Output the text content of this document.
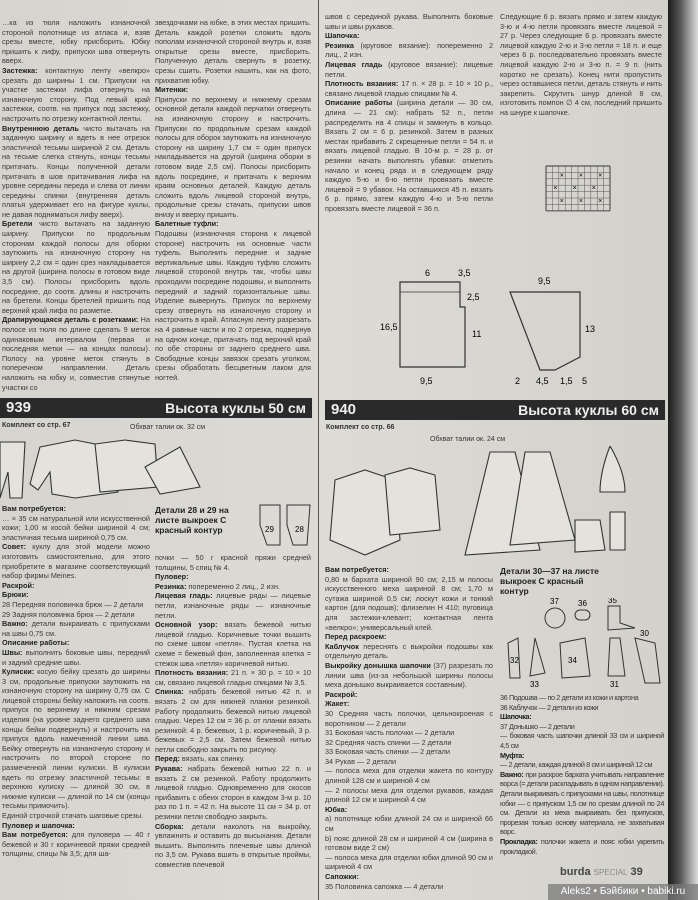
…ка из тюля наложить изнаночной стороной полотнище из атласа и, взяв срезы вместе, юбку присборить. Юбку пришить к лифу, припуски шва отвернуть вверх.

Застежка: контактную ленту «велкро» срезать до ширины 1 см. Припуски на участке застежки лифа отвернуть на изнаночную сторону. Под левый край застежки, соотв. на припуск под застежку, настрочить по отрезку контактной ленты.

Внутреннюю деталь чисто вытачать на заданную ширину и вдеть в нее отрезок эластичной тесьмы шириной 2 см. Деталь на тесьме слегка стянуть, концы тесьмы притачать. Концы полученной детали притачать в шов притачивания лифа на уровне середины переда и слева от линии середины спинки (внутренняя деталь платья удерживает его на фигуре куклы, не давая подниматься лифу вверх).

Бретели чисто вытачать на заданную ширину. Припуски по продольным сторонам каждой полосы для оборки заутюжить на изнаночную сторону на ширину 2,2 см = один срез накладывается на другой (ширина полосы в готовом виде 3,5 см). Полосы присборить вдоль посредине, до соотв. длины и настрочить на бретели. Концы бретелей пришить под верхний край лифа по разметке.

Драпирующаяся деталь с розетками: На полосе из тюля по длине сделать 9 меток одинаковым интервалом (первая и последняя метки — на концах полосы). Полосу на уровне меток стянуть в поперечном направлении. Деталь наложить на юбку и, совместив стянутые участки со

звездочками на юбке, в этих местах пришить. Деталь каждой розетки сложить вдоль пополам изнаночной стороной внутрь и, взяв открытые срезы вместе, присборить. Полученную деталь свернуть в розетку, срезы сшить. Розетки нашить, как на фото, прихватив юбку.

Митенки:

Припуски по верхнему и нижнему срезам основной детали каждой перчатки отвернуть на изнаночную сторону и настрочить. Припуски по продольным срезам каждой полосы для оборок заутюжить на изнаночную сторону на ширину 1,7 см = один припуск накладывается на другой (ширина оборки в готовом виде 2,5 см). Полосы присборить вдоль посредине, и притачать к верхним краям основных деталей. Каждую деталь сложить вдоль лицевой стороной внутрь, продольные срезы стачать, припуски швов внизу и вверху пришить.

Балетные туфли:

Подошвы (изнаночная сторона к лицевой стороне) настрочить на основные части туфель. Выполнить передние и задние вертикальные швы. Каждую туфлю сложить лицевой стороной внутрь так, чтобы швы проходили посредине подошвы, и выполнить передний и задний горизонтальные швы. Изделие вывернуть. Припуск по верхнему срезу отвернуть на изнаночную сторону и настрочить в край. Атласную ленту разрезать на 4 равные части и по 2 отрезка, подвернув на одном конце, притачать под верхний край по обе стороны от заднего среднего шва. Свободные концы завязок срезать уголком, срезы обработать бесцветным лаком для ногтей.

швов с серединой рукава. Выполнить боковые швы и швы рукавов.

Шапочка:

Резинка (круговое вязание): попеременно 2 лиц., 2 изн.

Лицевая гладь (круговое вязание): лицевые петли.

Плотность вязания: 17 п. × 28 р. = 10 × 10 р., связано лицевой гладью спицами № 4.

Описание работы (ширина детали — 30 см, длина — 21 см): набрать 52 п., петли распределить на 4 спицы и замкнуть в кольцо. Вязать 2 см = 6 р. резинкой. Затем в разных местах прибавить 2 скрещенные петли = 54 п. и вязать лицевой гладью. В 10-м р. = 28 р. от резинки начать выполнять убавки: отметить начало и конец ряда и в следующем ряду каждую 5-ю и 6-ю петли провязать вместе лицевой = 9 убавок. На оставшихся 45 п. вязать 6 р. прямо, затем каждую 4-ю и 5-ю петли провязать вместе лицевой = 36 п.

Следующие 6 р. вязать прямо и затем каждую 3-ю и 4-ю петли провязать вместе лицевой = 27 р. Через следующие 6 р. провязать вместе лицевой каждую 2-ю и 3-ю петли = 18 п. и еще через 6 р. последовательно провязать вместе лицевой каждую 2-ю и 3-ю п. = 9 п. (нить коротко не срезать). Конец нити пропустить через оставшиеся петли, деталь стянуть и нить закрепить. Скрутить шнур длиной 8 см, изготовить помпон ∅ 4 см, последний пришить на шнуре к шапочке.

× × ×
× × ×
× × ×
6	3,5
2,5
16,5
11
9,5
9,5
13
2 4,5 1,5 5
939	Высота куклы 50 см
Комплект со стр. 67	Обхват талии ок. 32 см
Детали 28 и 29 на листе выкроек С красный контур	29	28

Вам потребуется:

… × 35 см натуральной или искусственной кожи; 1,00 м косой бейки шириной 4 см; эластичная тесьма шириной 0,75 см.

Совет: куклу для этой модели можно изготовить самостоятельно, для этого приобретите в магазине соответствующий набор фирмы Meines.

Раскрой:

Брюки:

28 Передняя половинка брюк — 2 детали

29 Задняя половинка брюк — 2 детали

Важно: детали выкраивать с припусками на швы 0,75 см.

Описание работы:

Швы: выполнить боковые швы, передний и задний средние швы.

Кулиски: косую бейку срезать до ширины 3 см, продольные припуски заутюжить на изнаночную сторону на ширину 0,75 см. С лицевой стороны бейку наложить на соотв. припуск по верхнему и нижним срезам изделия (на уровне заднего среднего шва концы бейки подвернуть) и настрочить на припуск вдоль намеченной линии шва. Бейку отвернуть на изнаночную сторону и настрочить по второй стороне по размеченной линии кулиски. В кулиски вдеть по отрезку эластичной тесьмы: в верхнюю кулиску — длиной 30 см, в нижние кулиски — длиной по 14 см (концы тесьмы примочить).

Единой строчкой стачать шаговые срезы.

Пуловер и шапочка:

Вам потребуется: для пуловера — 40 г бежевой и 30 г коричневой пряжи средней толщины, спицы № 3,5; для ша-

почки — 50 г красной пряжи средней толщины, 5 спиц № 4.

Пуловер:

Резинка: попеременно 2 лиц., 2 изн.

Лицевая гладь: лицевые ряды — лицевые петли, изнаночные ряды — изнаночные петли.

Основной узор: вязать бежевой нитью лицевой гладью. Коричневые точки вышить по схеме швом «петля». Пустая клетка на схеме = бежевый фон, заполненная клетка = стежок шва «петля» коричневой нитью.

Плотность вязания: 21 п. × 30 р. = 10 × 10 см, связано лицевой гладью спицами № 3,5.

Спинка: набрать бежевой нитью 42 п. и вязать 2 см для нижней планки резинкой. Работу продолжить бежевой нитью лицевой гладью. Через 12 см = 36 р. от планки вязать резинкой: 4 р. бежевых, 1 р. коричневый, 3 р. бежевых = 2,5 см. Затем бежевой нитью петли свободно закрыть по рисунку.

Перед: вязать, как спинку.

Рукава: набрать бежевой нитью 22 п. и вязать 2 см резинкой. Работу продолжить лицевой гладью. Одновременно для скосов прибавить с обеих сторон в каждом 3-м р. 10 раз по 1 п. = 42 п. На высоте 11 см = 34 р. от резинки петли свободно закрыть.

Сборка: детали наколоть на выкройку, увлажнить и оставить до высыхания. Детали вышить. Выполнить плечевые швы длиной по 3,5 см. Рукава вшить в открытые проймы, совместив плечевой

940	Высота куклы 60 см
Комплект со стр. 66
Обхват талии ок. 24 см
Детали 30—37 на листе выкроек С красный контур
37 36	35
30
32
33
34
31

Вам потребуется:

0,80 м бархата шириной 90 см; 2,15 м полосы искусственного меха шириной 8 см; 1,70 м сутажа шириной 0,5 см; лоскут кожи и тонкий картон (для подошв); флизелин H 410; пуговица для застежки-клевант; контактная лента «велкро»; универсальный клей.

Перед раскроем:

Каблучок переснять с выкройки подошвы как отдельную деталь.

Выкройку донышка шапочки (37) разрезать по линии шва (из-за небольшой ширины полосы меха донышко выкраивается составным).

Раскрой:

Жакет:

30 Средняя часть полочки, цельнокроеная с воротником — 2 детали

31 Боковая часть полочки — 2 детали

32 Средняя часть спинки — 2 детали

33 Боковая часть спинки — 2 детали

34 Рукав — 2 детали

— полоса меха для отделки жакета по контуру длиной 128 см и шириной 4 см

— 2 полосы меха для отделки рукавов, каждая длиной 12 см и шириной 4 см

Юбка:

a) полотнище юбки длиной 24 см и шириной 66 см

b) пояс длиной 28 см и шириной 4 см (ширина в готовом виде 2 см)

— полоса меха для отделки юбки длиной 90 см и шириной 4 см

Сапожки:

35 Половинка сапожка — 4 детали

36 Подошва — по 2 детали из кожи и картона

36 Каблучок — 2 детали из кожи

Шапочка:

37 Донышко — 2 детали

— боковая часть шапочки длиной 33 см и шириной 4,5 см

Муфта:

— 2 детали, каждая длиной 8 см и шириной 12 см

Важно: при раскрое бархата учитывать направление ворса (= детали раскладывать в одном направлении). Детали выкраивать с припусками на швы, полотнище юбки — с припуском 1,5 см по срезам длиной по 24 см. Детали из меха выкраивать без припусков, прорезая только основу материала, не захватывая ворс.

Прокладка: полочки жакета и пояс юбки укрепить прокладкой.

burda SPECIAL 39
Aleks2 • Бэйбики • babiki.ru
